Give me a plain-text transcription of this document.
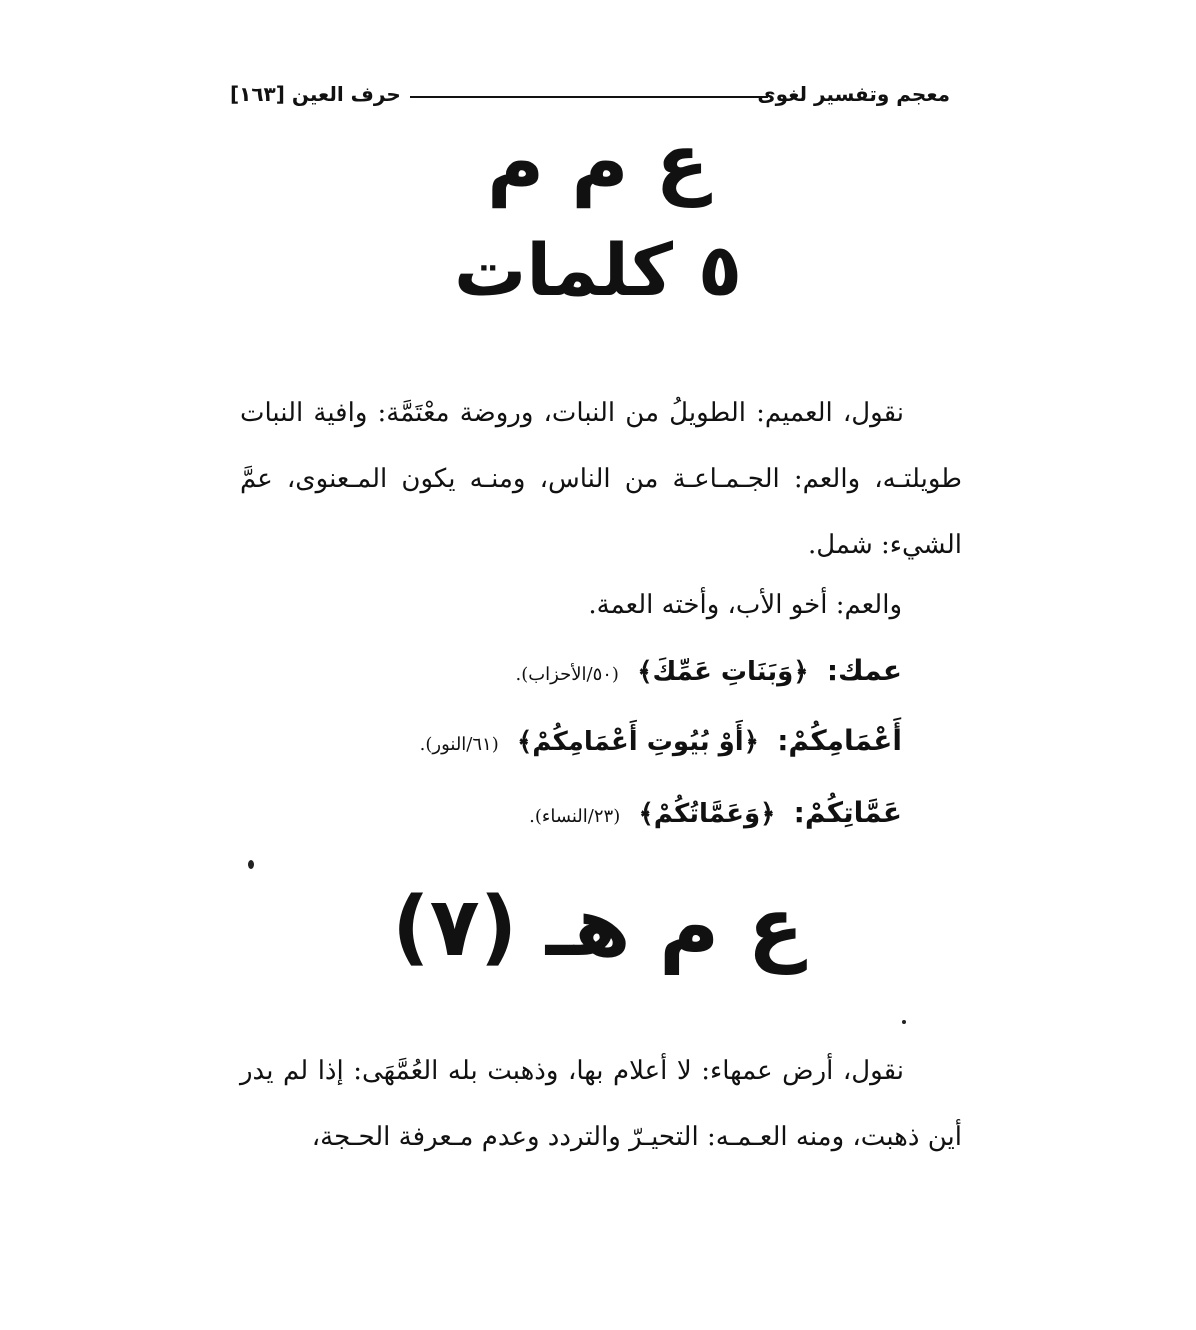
معجم وتفسير لغوى
حرف العين [١٦٣]
ع م م
٥ كلمات
نقول، العميم: الطويلُ من النبات، وروضة معْتَمَّة: وافية النبات طويلتـه، والعم: الجـمـاعـة من الناس، ومنـه يكون المـعنوى، عمَّ الشيء: شمل.
والعم: أخو الأب، وأخته العمة.
عمك: ﴿وَبَنَاتِ عَمِّكَ﴾ (٥٠/الأحزاب).
أَعْمَامِكُمْ: ﴿أَوْ بُيُوتِ أَعْمَامِكُمْ﴾ (٦١/النور).
عَمَّاتِكُمْ: ﴿وَعَمَّاتُكُمْ﴾ (٢٣/النساء).
ع م هـ (٧)
نقول، أرض عمهاء: لا أعلام بها، وذهبت بله العُمَّهَى: إذا لم يدر أين ذهبت، ومنه العـمـه: التحيـرّ والتردد وعدم مـعرفة الحـجة،
